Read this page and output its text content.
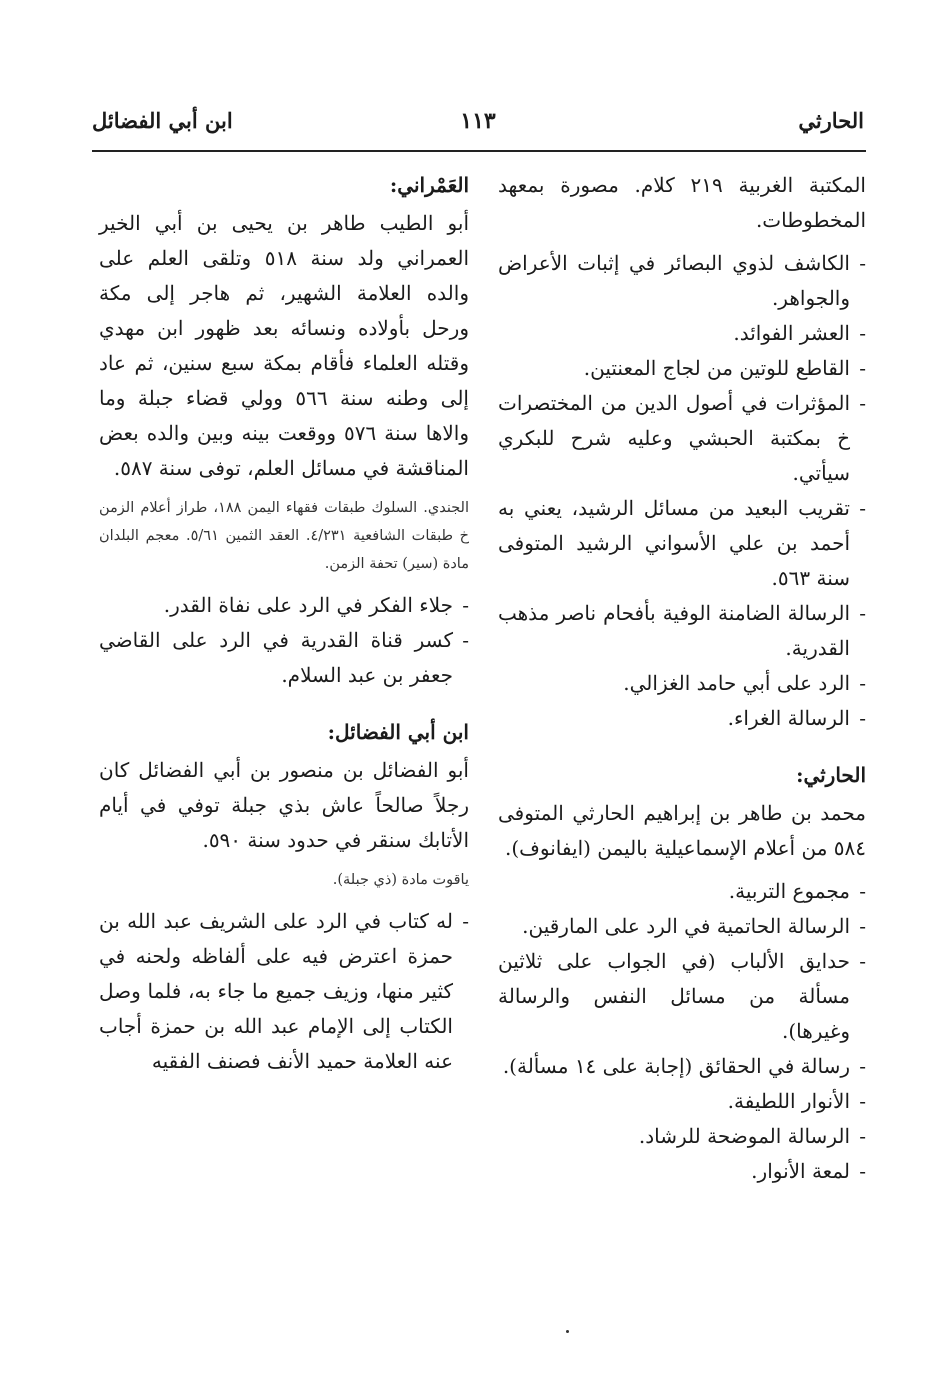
الحارثي
١١٣
ابن أبي الفضائل

المكتبة الغربية ٢١٩ كلام. مصورة بمعهد المخطوطات.

- الكاشف لذوي البصائر في إثبات الأعراض والجواهر.
- العشر الفوائد.
- القاطع للوتين من لجاج المعنتين.
- المؤثرات في أصول الدين من المختصرات خ بمكتبة الحبشي وعليه شرح للبكري سيأتي.
- تقريب البعيد من مسائل الرشيد، يعني به أحمد بن علي الأسواني الرشيد المتوفى سنة ٥٦٣.
- الرسالة الضامنة الوفية بأفحام ناصر مذهب القدرية.
- الرد على أبي حامد الغزالي.
- الرسالة الغراء.
الحارثي:

محمد بن طاهر بن إبراهيم الحارثي المتوفى ٥٨٤ من أعلام الإسماعيلية باليمن (ايفانوف).

- مجموع التربية.
- الرسالة الحاتمية في الرد على المارقين.
- حدايق الألباب (في الجواب على ثلاثين مسألة من مسائل النفس والرسالة وغيرها).
- رسالة في الحقائق (إجابة على ١٤ مسألة).
- الأنوار اللطيفة.
- الرسالة الموضحة للرشاد.
- لمعة الأنوار.
العَمْراني:

أبو الطيب طاهر بن يحيى بن أبي الخير العمراني ولد سنة ٥١٨ وتلقى العلم على والده العلامة الشهير، ثم هاجر إلى مكة ورحل بأولاده ونسائه بعد ظهور ابن مهدي وقتله العلماء فأقام بمكة سبع سنين، ثم عاد إلى وطنه سنة ٥٦٦ وولي قضاء جبلة وما والاها سنة ٥٧٦ ووقعت بينه وبين والده بعض المناقشة في مسائل العلم، توفى سنة ٥٨٧.

الجندي. السلوك طبقات فقهاء اليمن ١٨٨، طراز أعلام الزمن خ طبقات الشافعية ٤/٢٣١. العقد الثمين ٥/٦١. معجم البلدان مادة (سير) تحفة الزمن.

- جلاء الفكر في الرد على نفاة القدر.
- كسر قناة القدرية في الرد على القاضي جعفر بن عبد السلام.
ابن أبي الفضائل:

أبو الفضائل بن منصور بن أبي الفضائل كان رجلاً صالحاً عاش بذي جبلة توفي في أيام الأتابك سنقر في حدود سنة ٥٩٠.

ياقوت مادة (ذي جبلة).

- له كتاب في الرد على الشريف عبد الله بن حمزة اعترض فيه على ألفاظه ولحنه في كثير منها، وزيف جميع ما جاء به، فلما وصل الكتاب إلى الإمام عبد الله بن حمزة أجاب عنه العلامة حميد الأنف فصنف الفقيه
